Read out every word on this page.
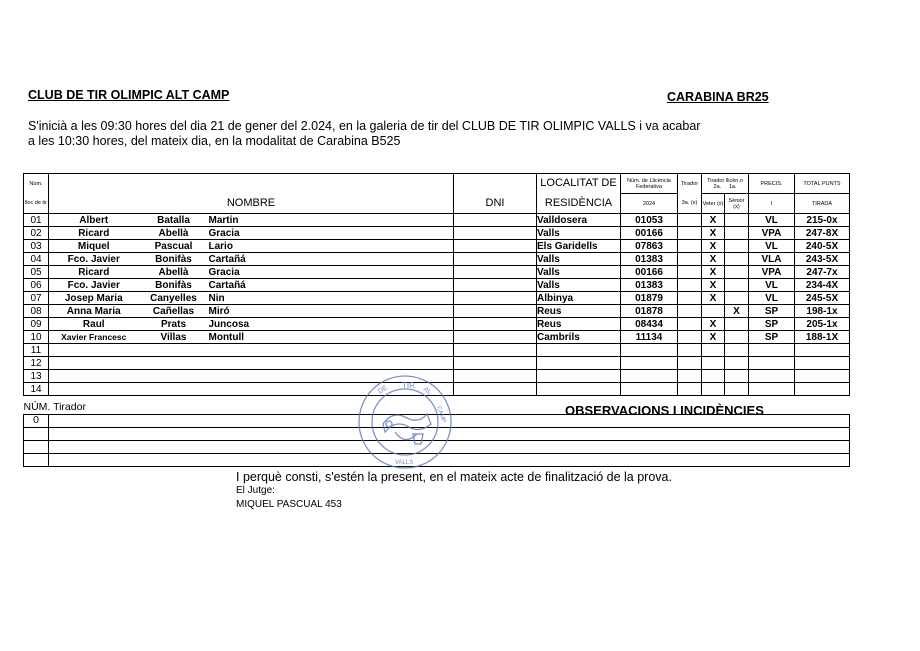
CLUB DE TIR OLIMPIC ALT CAMP	CARABINA BR25
S'inicià a les 09:30 hores del dia 21 de gener del 2.024, en la galeria de tir del CLUB DE TIR OLIMPIC VALLS i va acabar
a les 10:30 hores, del mateix dia, en la modalitat de Carabina B525
Núm.					LOCALITAT DE	Núm. de Llicència Federativa	Tirador	Tirador llicèn.o
2a. 1a.		PRECIS.	TOTAL PUNTS
lloc de tir	NOMBRE			DNI	RESIDÈNCIA	2024	3a. (x)	Veter (x)	Sènior (x)	I	TIRADA
01	Albert	Batalla	Martin		Valldosera	01053		X		VL	215-0x
02	Ricard	Abellà	Gracia		Valls	00166		X		VPA	247-8X
03	Miquel	Pascual	Lario		Els Garidells	07863		X		VL	240-5X
04	Fco. Javier	Bonifàs	Cartañá		Valls	01383		X		VLA	243-5X
05	Ricard	Abellà	Gracia		Valls	00166		X		VPA	247-7x
06	Fco. Javier	Bonifàs	Cartañá		Valls	01383		X		VL	234-4X
07	Josep Maria	Canyelles	Nin		Albinya	01879		X		VL	245-5X
08	Anna Maria	Cañellas	Miró		Reus	01878			X	SP	198-1x
09	Raul	Prats	Juncosa		Reus	08434		X		SP	205-1x
10	Xavier Francesc	Villas	Montull		Cambrils	11134		X		SP	188-1X
11											
12											
13											
14											
OBSERVACIONS I INCIDÈNCIES
NÚM. Tirador	
0	

TIR
DE	AL
CAMP
VALLS
I perquè consti, s'estén la present, en el mateix acte de finalització de la prova.
El Jutge:
MIQUEL PASCUAL 453
